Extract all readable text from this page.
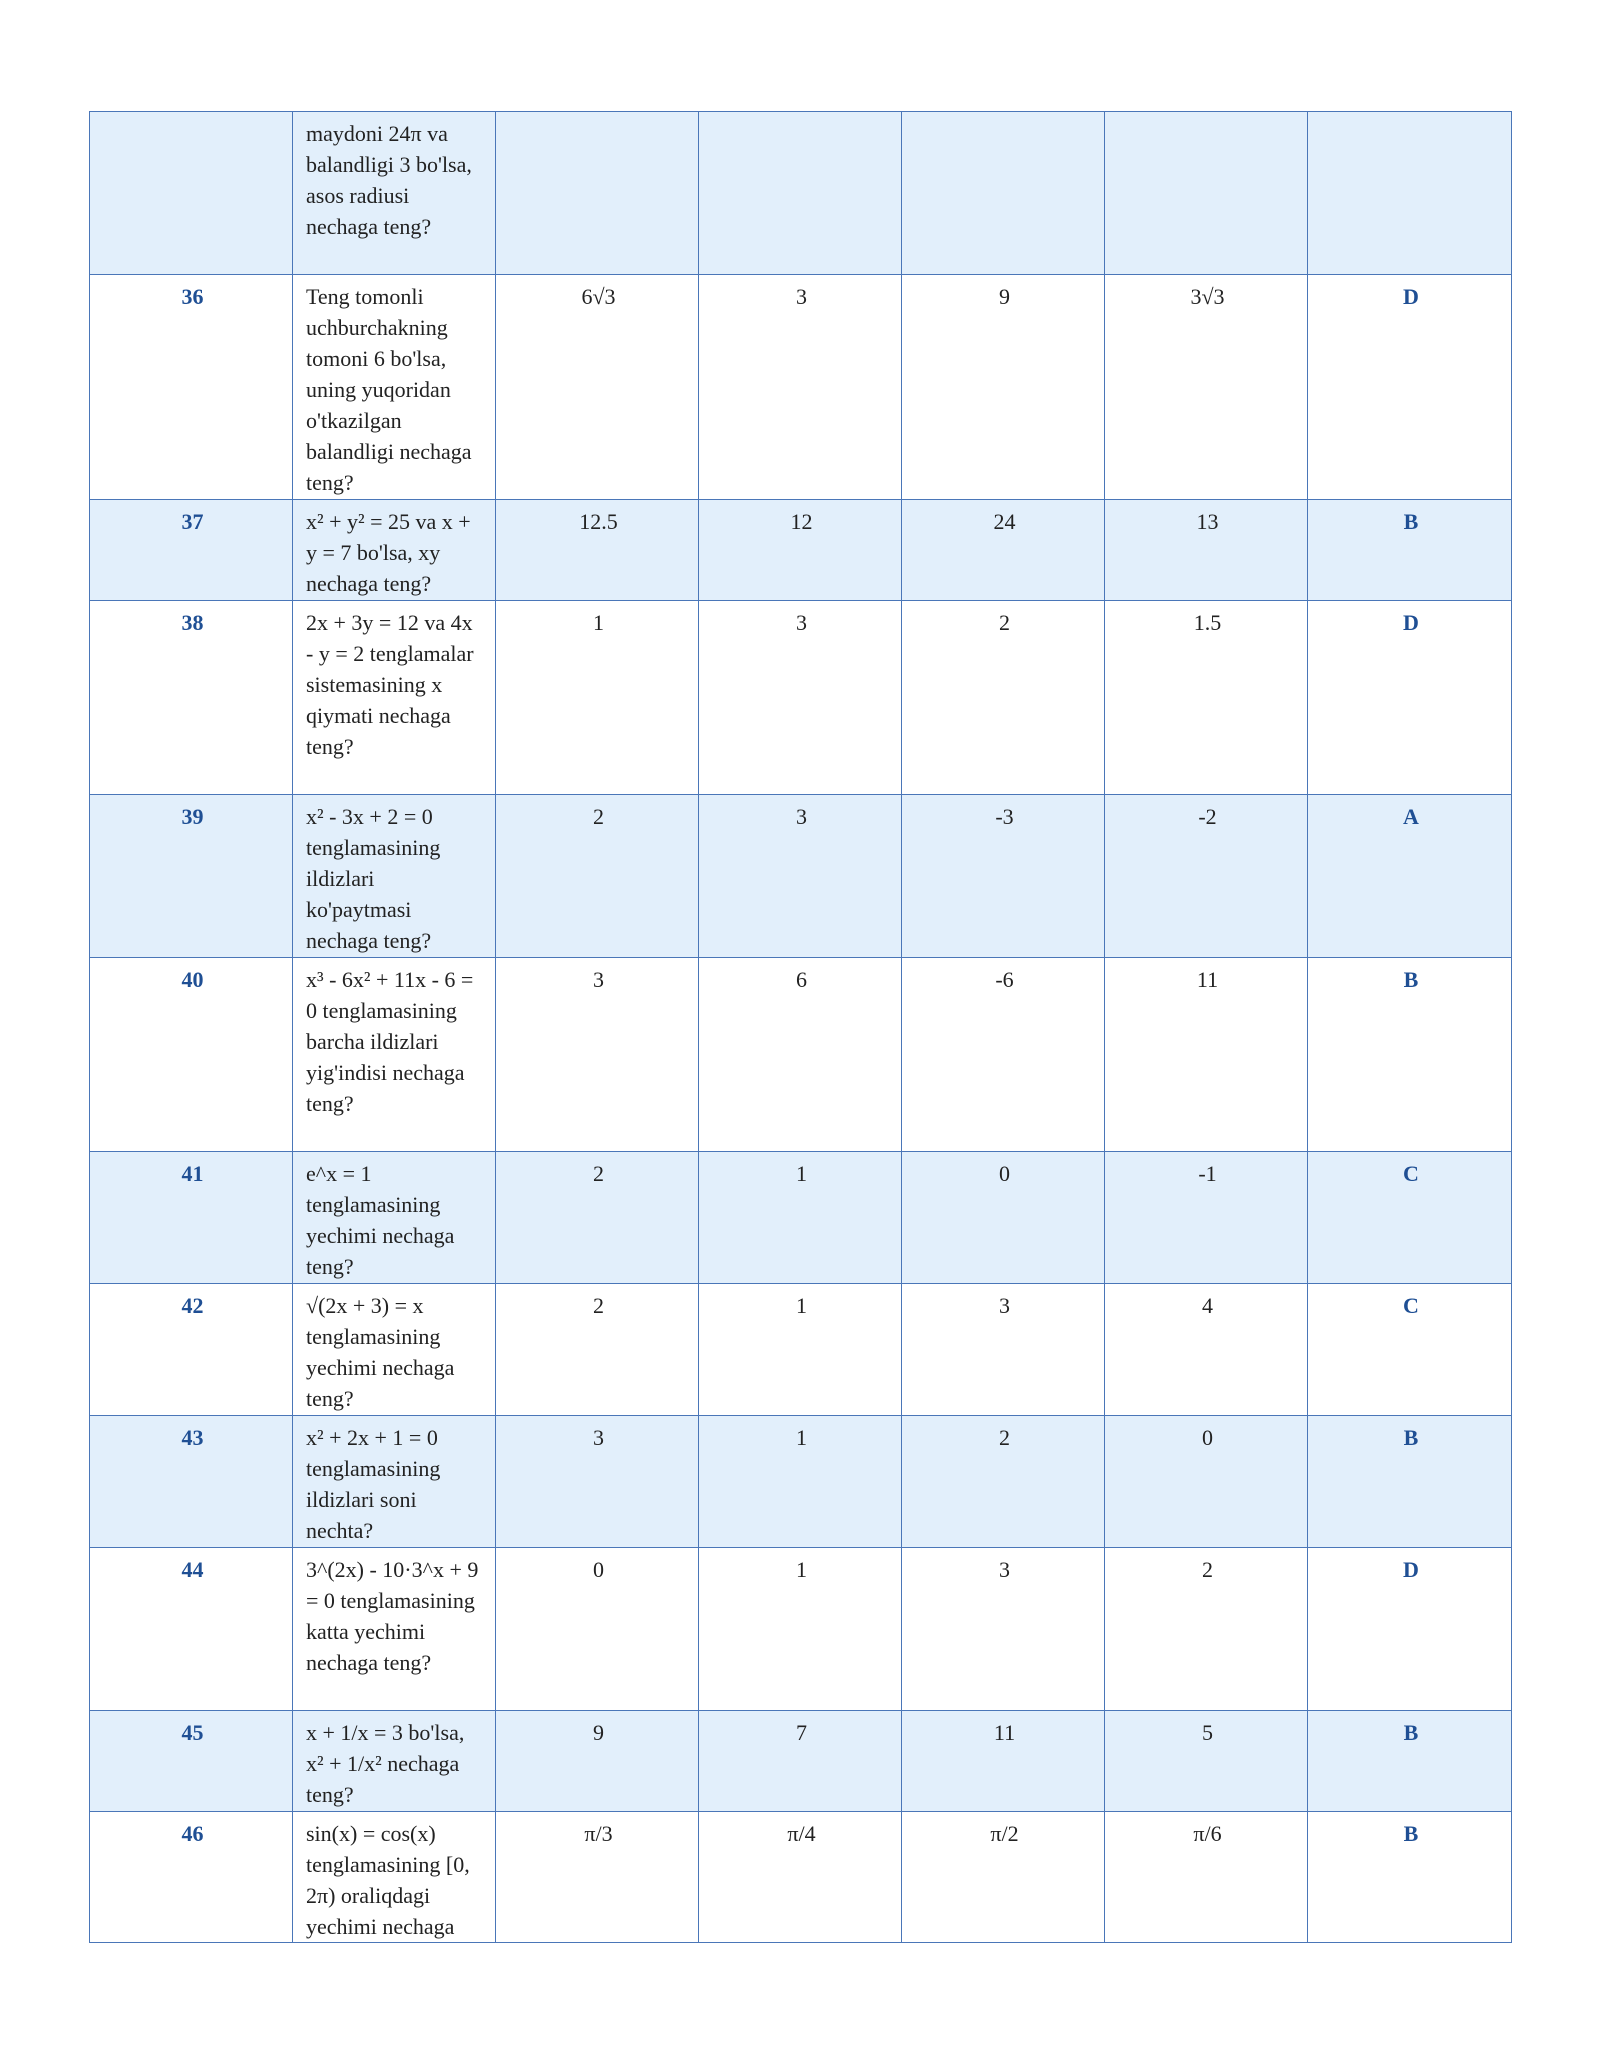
	maydoni 24π va balandligi 3 bo'lsa, asos radiusi nechaga teng?					
36	Teng tomonli uchburchakning tomoni 6 bo'lsa, uning yuqoridan o'tkazilgan balandligi nechaga teng?	6√3	3	9	3√3	D
37	x² + y² = 25 va x + y = 7 bo'lsa, xy nechaga teng?	12.5	12	24	13	B
38	2x + 3y = 12 va 4x - y = 2 tenglamalar sistemasining x qiymati nechaga teng?	1	3	2	1.5	D
39	x² - 3x + 2 = 0 tenglamasining ildizlari ko'paytmasi nechaga teng?	2	3	-3	-2	A
40	x³ - 6x² + 11x - 6 = 0 tenglamasining barcha ildizlari yig'indisi nechaga teng?	3	6	-6	11	B
41	e^x = 1 tenglamasining yechimi nechaga teng?	2	1	0	-1	C
42	√(2x + 3) = x tenglamasining yechimi nechaga teng?	2	1	3	4	C
43	x² + 2x + 1 = 0 tenglamasining ildizlari soni nechta?	3	1	2	0	B
44	3^(2x) - 10·3^x + 9 = 0 tenglamasining katta yechimi nechaga teng?	0	1	3	2	D
45	x + 1/x = 3 bo'lsa, x² + 1/x² nechaga teng?	9	7	11	5	B
46	sin(x) = cos(x) tenglamasining [0, 2π) oraliqdagi yechimi nechaga	π/3	π/4	π/2	π/6	B
